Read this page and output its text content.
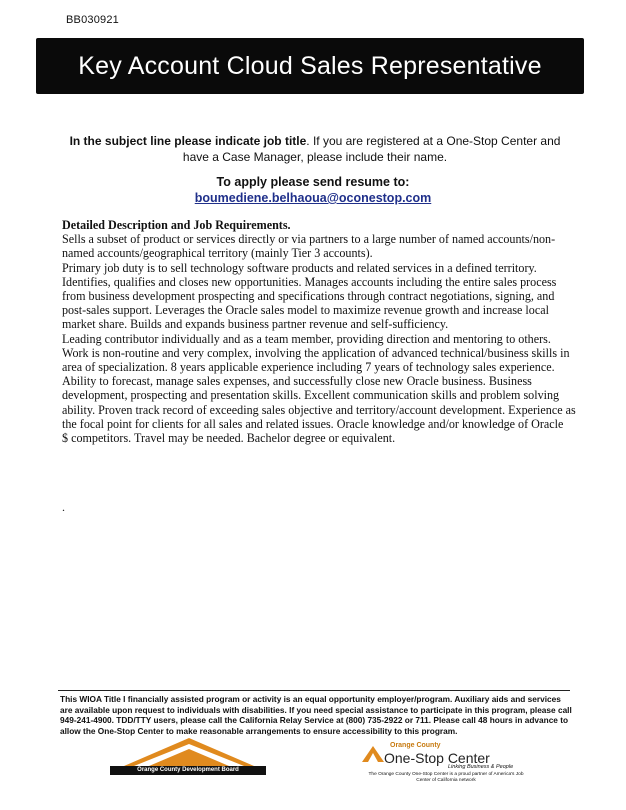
BB030921
Key Account Cloud Sales Representative
In the subject line please indicate job title. If you are registered at a One-Stop Center and have a Case Manager, please include their name.
To apply please send resume to:
boumediene.belhaoua@oconestop.com

Detailed Description and Job Requirements.

Sells a subset of product or services directly or via partners to a large number of named accounts/non-named accounts/geographical territory (mainly Tier 3 accounts).

Primary job duty is to sell technology software products and related services in a defined territory. Identifies, qualifies and closes new opportunities. Manages accounts including the entire sales process from business development prospecting and specifications through contract negotiations, signing, and post-sales support. Leverages the Oracle sales model to maximize revenue growth and increase local market share. Builds and expands business partner revenue and self-sufficiency.

Leading contributor individually and as a team member, providing direction and mentoring to others. Work is non-routine and very complex, involving the application of advanced technical/business skills in area of specialization. 8 years applicable experience including 7 years of technology sales experience. Ability to forecast, manage sales expenses, and successfully close new Oracle business. Business development, prospecting and presentation skills. Excellent communication skills and problem solving ability. Proven track record of exceeding sales objective and territory/account development. Experience as the focal point for clients for all sales and related issues. Oracle knowledge and/or knowledge of Oracle

$ competitors. Travel may be needed. Bachelor degree or equivalent.

.
This WIOA Title I financially assisted program or activity is an equal opportunity employer/program. Auxiliary aids and services are available upon request to individuals with disabilities. If you need special assistance to participate in this program, please call 949-241-4900. TDD/TTY users, please call the California Relay Service at (800) 735-2922 or 711. Please call 48 hours in advance to allow the One-Stop Center to make reasonable arrangements to ensure accessibility to this program.
Orange County Development Board
Orange County
One-Stop Center
Linking Business & People
The Orange County One-Stop Center is a proud partner of America's Job Center of California network
